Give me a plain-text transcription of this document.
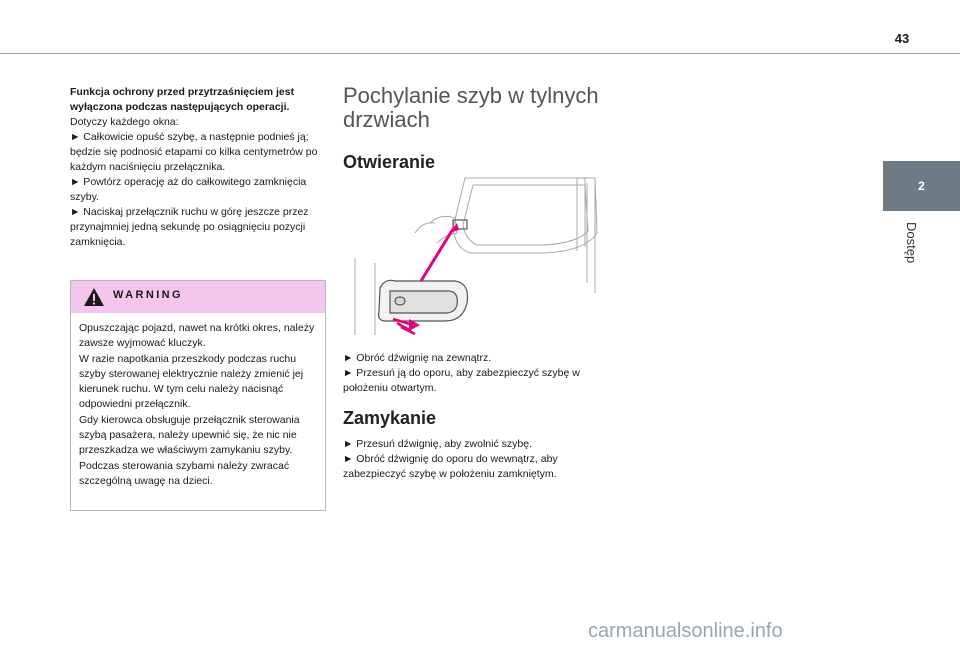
43
2
Dostęp

Funkcja ochrony przed przytrzaśnięciem jest wyłączona podczas następujących operacji.

Dotyczy każdego okna:

► Całkowicie opuść szybę, a następnie podnieś ją; będzie się podnosić etapami co kilka centymetrów po każdym naciśnięciu przełącznika.

► Powtórz operację aż do całkowitego zamknięcia szyby.

► Naciskaj przełącznik ruchu w górę jeszcze przez przynajmniej jedną sekundę po osiągnięciu pozycji zamknięcia.

WARNING

Opuszczając pojazd, nawet na krótki okres, należy zawsze wyjmować kluczyk.

W razie napotkania przeszkody podczas ruchu szyby sterowanej elektrycznie należy zmienić jej kierunek ruchu. W tym celu należy nacisnąć odpowiedni przełącznik.

Gdy kierowca obsługuje przełącznik sterowania szybą pasażera, należy upewnić się, że nic nie przeszkadza we właściwym zamykaniu szyby.

Podczas sterowania szybami należy zwracać szczególną uwagę na dzieci.

Pochylanie szyb w tylnych drzwiach
Otwieranie

► Obróć dźwignię na zewnątrz.
► Przesuń ją do oporu, aby zabezpieczyć szybę w położeniu otwartym.

Zamykanie

► Przesuń dźwignię, aby zwolnić szybę.
► Obróć dźwignię do oporu do wewnątrz, aby zabezpieczyć szybę w położeniu zamkniętym.

carmanualsonline.info
